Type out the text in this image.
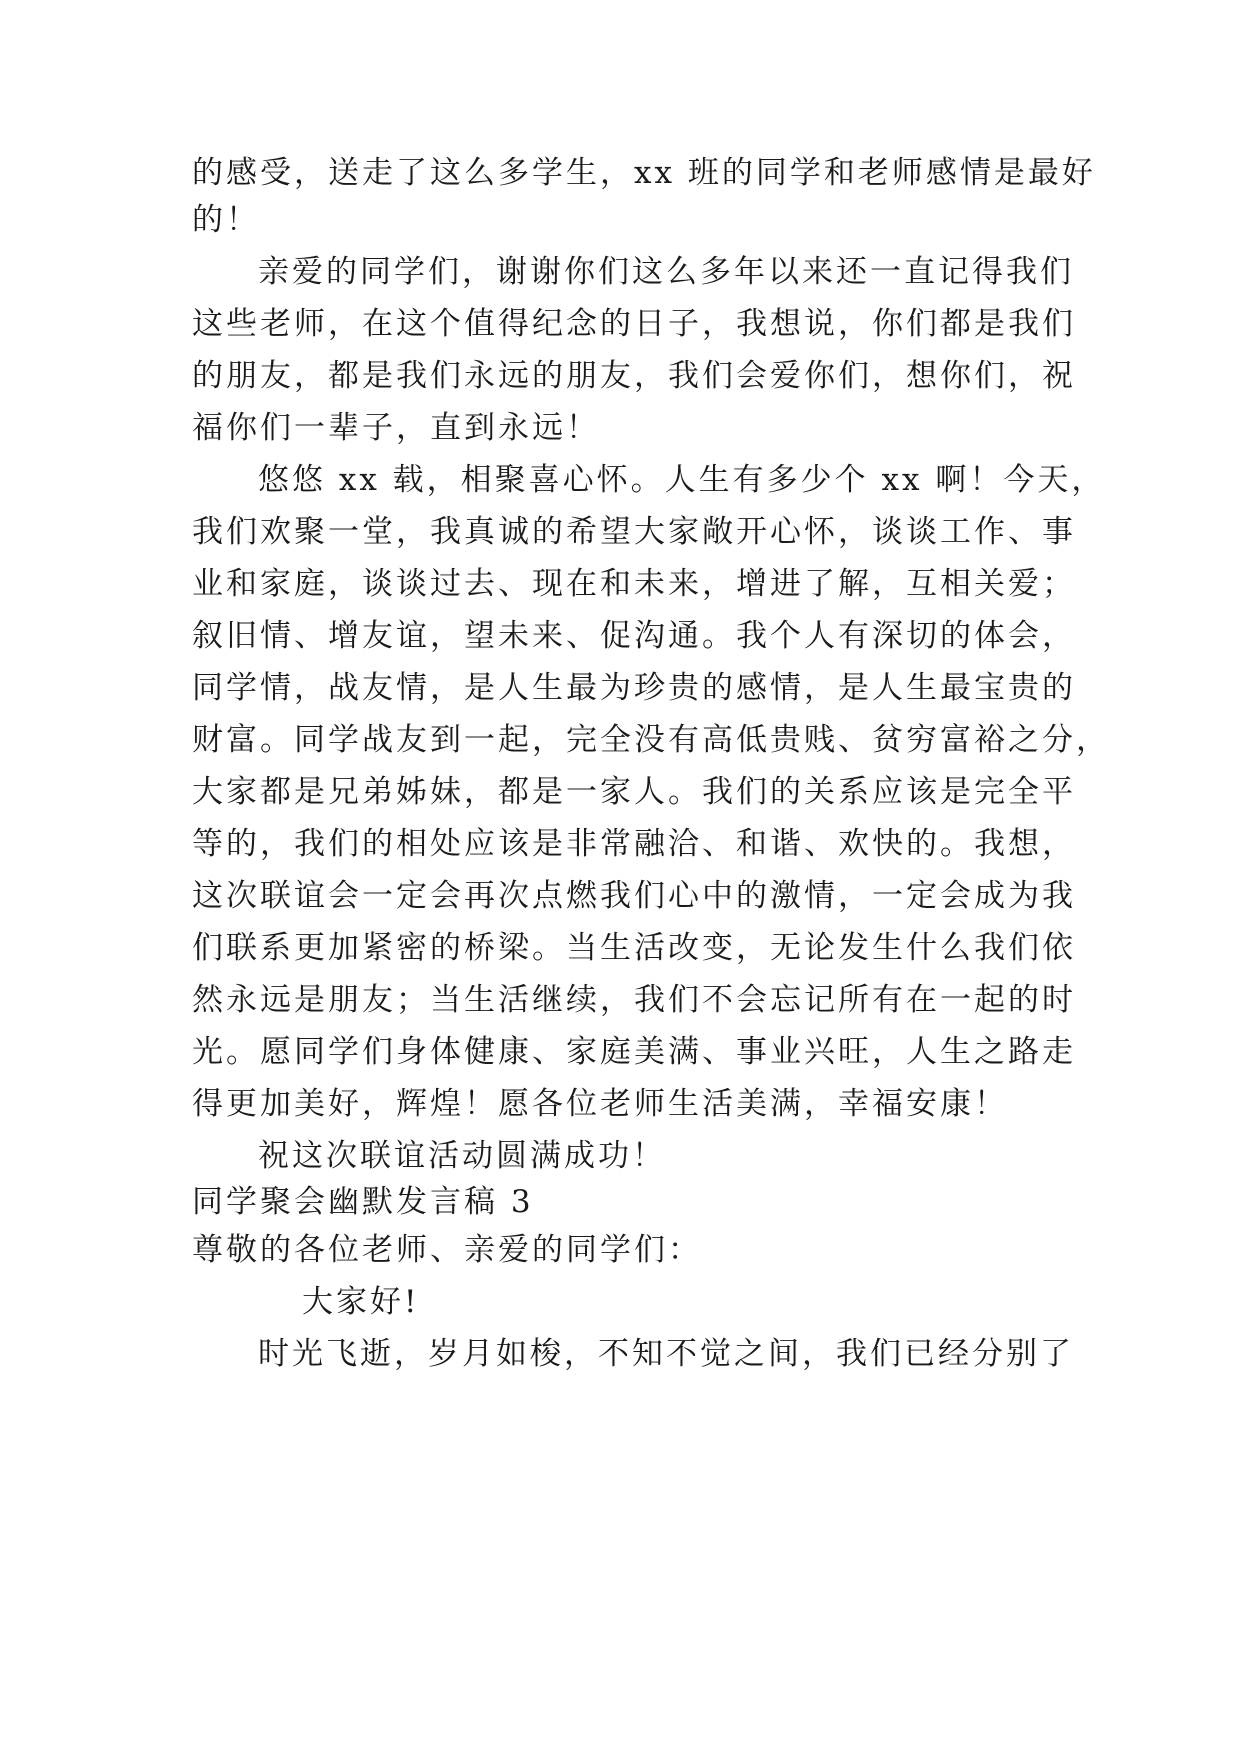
的感受，送走了这么多学生，xx 班的同学和老师感情是最好

的！

亲爱的同学们，谢谢你们这么多年以来还一直记得我们

这些老师，在这个值得纪念的日子，我想说，你们都是我们

的朋友，都是我们永远的朋友，我们会爱你们，想你们，祝

福你们一辈子，直到永远！

悠悠 xx 载，相聚喜心怀。人生有多少个 xx 啊！今天，

我们欢聚一堂，我真诚的希望大家敞开心怀，谈谈工作、事

业和家庭，谈谈过去、现在和未来，增进了解，互相关爱；

叙旧情、增友谊，望未来、促沟通。我个人有深切的体会，

同学情，战友情，是人生最为珍贵的感情，是人生最宝贵的

财富。同学战友到一起，完全没有高低贵贱、贫穷富裕之分，

大家都是兄弟姊妹，都是一家人。我们的关系应该是完全平

等的，我们的相处应该是非常融洽、和谐、欢快的。我想，

这次联谊会一定会再次点燃我们心中的激情，一定会成为我

们联系更加紧密的桥梁。当生活改变，无论发生什么我们依

然永远是朋友；当生活继续，我们不会忘记所有在一起的时

光。愿同学们身体健康、家庭美满、事业兴旺，人生之路走

得更加美好，辉煌！愿各位老师生活美满，幸福安康！

祝这次联谊活动圆满成功！

同学聚会幽默发言稿 3

尊敬的各位老师、亲爱的同学们：

大家好!

时光飞逝，岁月如梭，不知不觉之间，我们已经分别了
